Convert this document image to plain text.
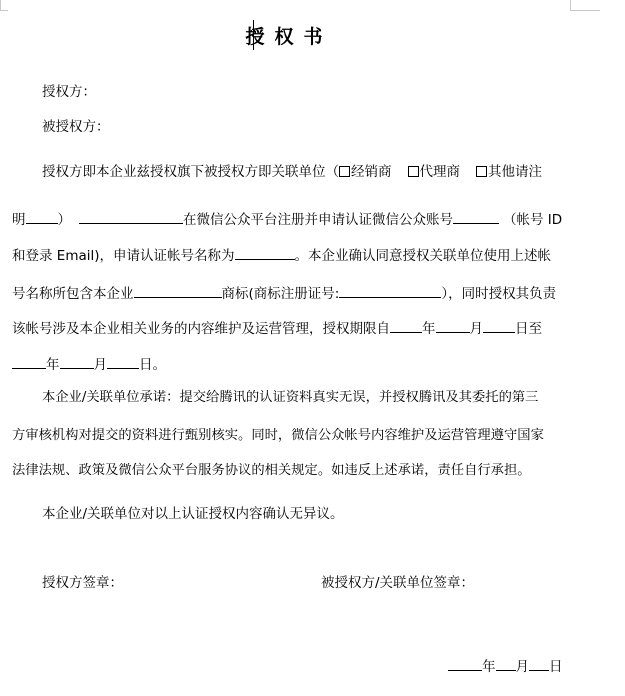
授权书
授权方：
被授权方：
授权方即本企业兹授权旗下被授权方即关联单位（ 经销商 代理商 其他请注
明 ）	在微信公众平台注册并申请认证微信公众账号	（帐号 ID
和登录 Email)，申请认证帐号名称为	。本企业确认同意授权关联单位使用上述帐
号名称所包含本企业	商标(商标注册证号:	），同时授权其负责
该帐号涉及本企业相关业务的内容维护及运营管理，授权期限自 年	月 日至
年	月 日。
本企业/关联单位承诺：提交给腾讯的认证资料真实无误，并授权腾讯及其委托的第三
方审核机构对提交的资料进行甄别核实。同时，微信公众帐号内容维护及运营管理遵守国家
法律法规、政策及微信公众平台服务协议的相关规定。如违反上述承诺，责任自行承担。
本企业/关联单位对以上认证授权内容确认无异议。
授权方签章：	被授权方/关联单位签章：
年 月 日
